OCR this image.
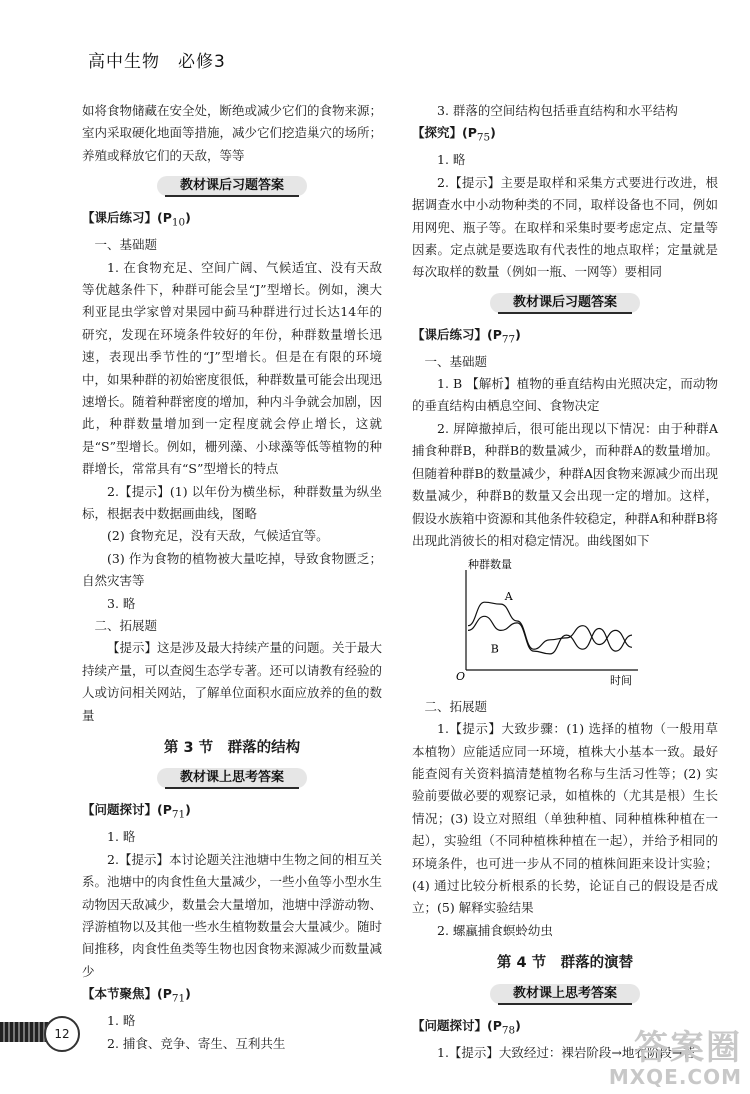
高中生物　必修3

如将食物储藏在安全处，断绝或减少它们的食物来源；室内采取硬化地面等措施，减少它们挖造巢穴的场所；养殖或释放它们的天敌，等等

教材课后习题答案

【课后练习】$(P_{10})$

一、基础题

1. 在食物充足、空间广阔、气候适宜、没有天敌等优越条件下，种群可能会呈“J”型增长。例如，澳大利亚昆虫学家曾对果园中蓟马种群进行过长达14年的研究，发现在环境条件较好的年份，种群数量增长迅速，表现出季节性的“J”型增长。但是在有限的环境中，如果种群的初始密度很低，种群数量可能会出现迅速增长。随着种群密度的增加，种内斗争就会加剧，因此，种群数量增加到一定程度就会停止增长，这就是“S”型增长。例如，栅列藻、小球藻等低等植物的种群增长，常常具有“S”型增长的特点

2.【提示】(1) 以年份为横坐标，种群数量为纵坐标，根据表中数据画曲线，图略

(2) 食物充足，没有天敌，气候适宜等。

(3) 作为食物的植物被大量吃掉，导致食物匮乏；自然灾害等

3. 略

二、拓展题

【提示】这是涉及最大持续产量的问题。关于最大持续产量，可以查阅生态学专著。还可以请教有经验的人或访问相关网站，了解单位面积水面应放养的鱼的数量

第 3 节　群落的结构
教材课上思考答案

【问题探讨】$(P_{71})$

1. 略

2.【提示】本讨论题关注池塘中生物之间的相互关系。池塘中的肉食性鱼大量减少，一些小鱼等小型水生动物因天敌减少，数量会大量增加，池塘中浮游动物、浮游植物以及其他一些水生植物数量会大量减少。随时间推移，肉食性鱼类等生物也因食物来源减少而数量减少

【本节聚焦】$(P_{71})$

1. 略

2. 捕食、竞争、寄生、互利共生

3. 群落的空间结构包括垂直结构和水平结构

【探究】$(P_{75})$

1. 略

2.【提示】主要是取样和采集方式要进行改进，根据调查水中小动物种类的不同，取样设备也不同，例如用网兜、瓶子等。在取样和采集时要考虑定点、定量等因素。定点就是要选取有代表性的地点取样；定量就是每次取样的数量（例如一瓶、一网等）要相同

教材课后习题答案

【课后练习】$(P_{77})$

一、基础题

1. B 【解析】植物的垂直结构由光照决定，而动物的垂直结构由栖息空间、食物决定

2. 屏障撤掉后，很可能出现以下情况：由于种群A捕食种群B，种群B的数量减少，而种群A的数量增加。但随着种群B的数量减少，种群A因食物来源减少而出现数量减少，种群B的数量又会出现一定的增加。这样，假设水族箱中资源和其他条件较稳定，种群A和种群B将出现此消彼长的相对稳定情况。曲线图如下

种群数量
时间
O
A
B

二、拓展题

1.【提示】大致步骤：(1) 选择的植物（一般用草本植物）应能适应同一环境，植株大小基本一致。最好能查阅有关资料搞清楚植物名称与生活习性等；(2) 实验前要做必要的观察记录，如植株的（尤其是根）生长情况；(3) 设立对照组（单独种植、同种植株种植在一起），实验组（不同种植株种植在一起），并给予相同的环境条件，也可进一步从不同的植株间距来设计实验；(4) 通过比较分析根系的长势，论证自己的假设是否成立；(5) 解释实验结果

2. 螺蠃捕食螟蛉幼虫

第 4 节　群落的演替
教材课上思考答案

【问题探讨】$(P_{78})$

1.【提示】大致经过：裸岩阶段→地衣阶段→苔

12	答案圈
MXQE.COM
